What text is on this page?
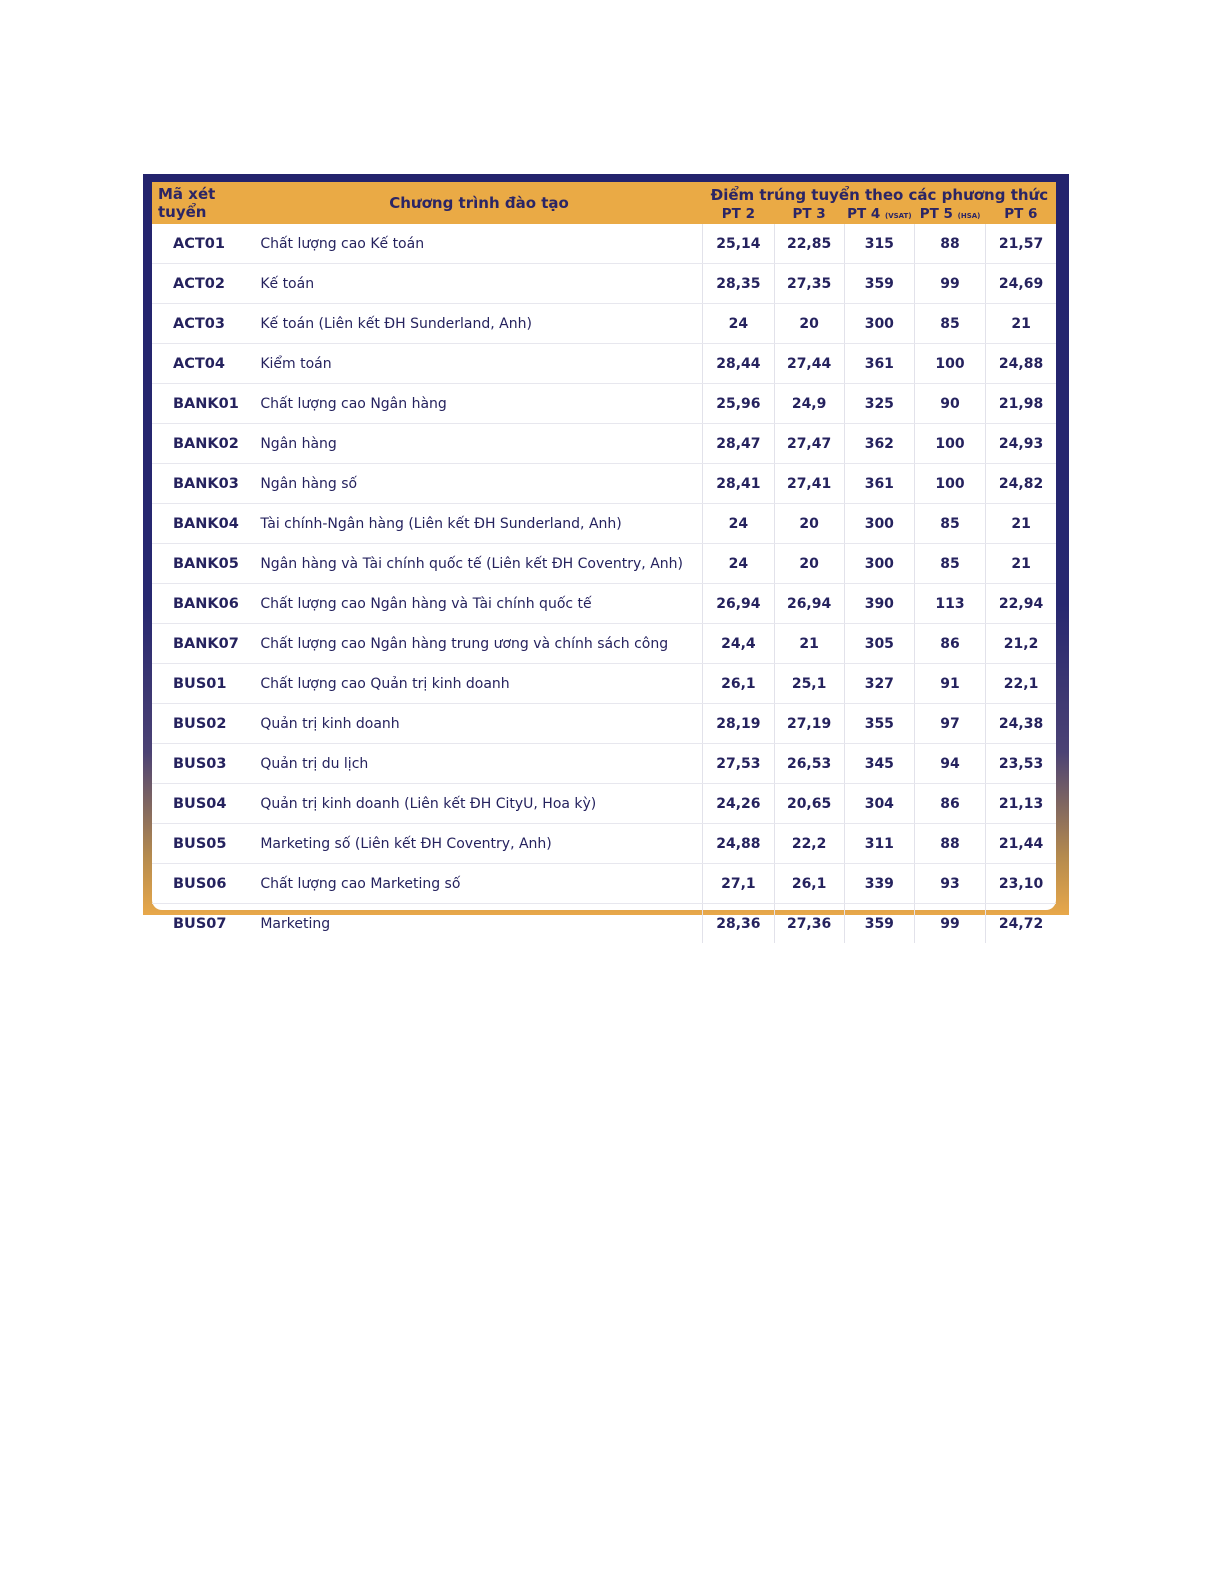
Mã xét tuyển	Chương trình đào tạo	Điểm trúng tuyển theo các phương thức				
		PT 2	PT 3	PT 4 (VSAT)	PT 5 (HSA)	PT 6
ACT01	Chất lượng cao Kế toán	25,14	22,85	315	88	21,57
ACT02	Kế toán	28,35	27,35	359	99	24,69
ACT03	Kế toán (Liên kết ĐH Sunderland, Anh)	24	20	300	85	21
ACT04	Kiểm toán	28,44	27,44	361	100	24,88
BANK01	Chất lượng cao Ngân hàng	25,96	24,9	325	90	21,98
BANK02	Ngân hàng	28,47	27,47	362	100	24,93
BANK03	Ngân hàng số	28,41	27,41	361	100	24,82
BANK04	Tài chính-Ngân hàng (Liên kết ĐH Sunderland, Anh)	24	20	300	85	21
BANK05	Ngân hàng và Tài chính quốc tế (Liên kết ĐH Coventry, Anh)	24	20	300	85	21
BANK06	Chất lượng cao Ngân hàng và Tài chính quốc tế	26,94	26,94	390	113	22,94
BANK07	Chất lượng cao Ngân hàng trung ương và chính sách công	24,4	21	305	86	21,2
BUS01	Chất lượng cao Quản trị kinh doanh	26,1	25,1	327	91	22,1
BUS02	Quản trị kinh doanh	28,19	27,19	355	97	24,38
BUS03	Quản trị du lịch	27,53	26,53	345	94	23,53
BUS04	Quản trị kinh doanh (Liên kết ĐH CityU, Hoa kỳ)	24,26	20,65	304	86	21,13
BUS05	Marketing số (Liên kết ĐH Coventry, Anh)	24,88	22,2	311	88	21,44
BUS06	Chất lượng cao Marketing số	27,1	26,1	339	93	23,10
BUS07	Marketing	28,36	27,36	359	99	24,72
